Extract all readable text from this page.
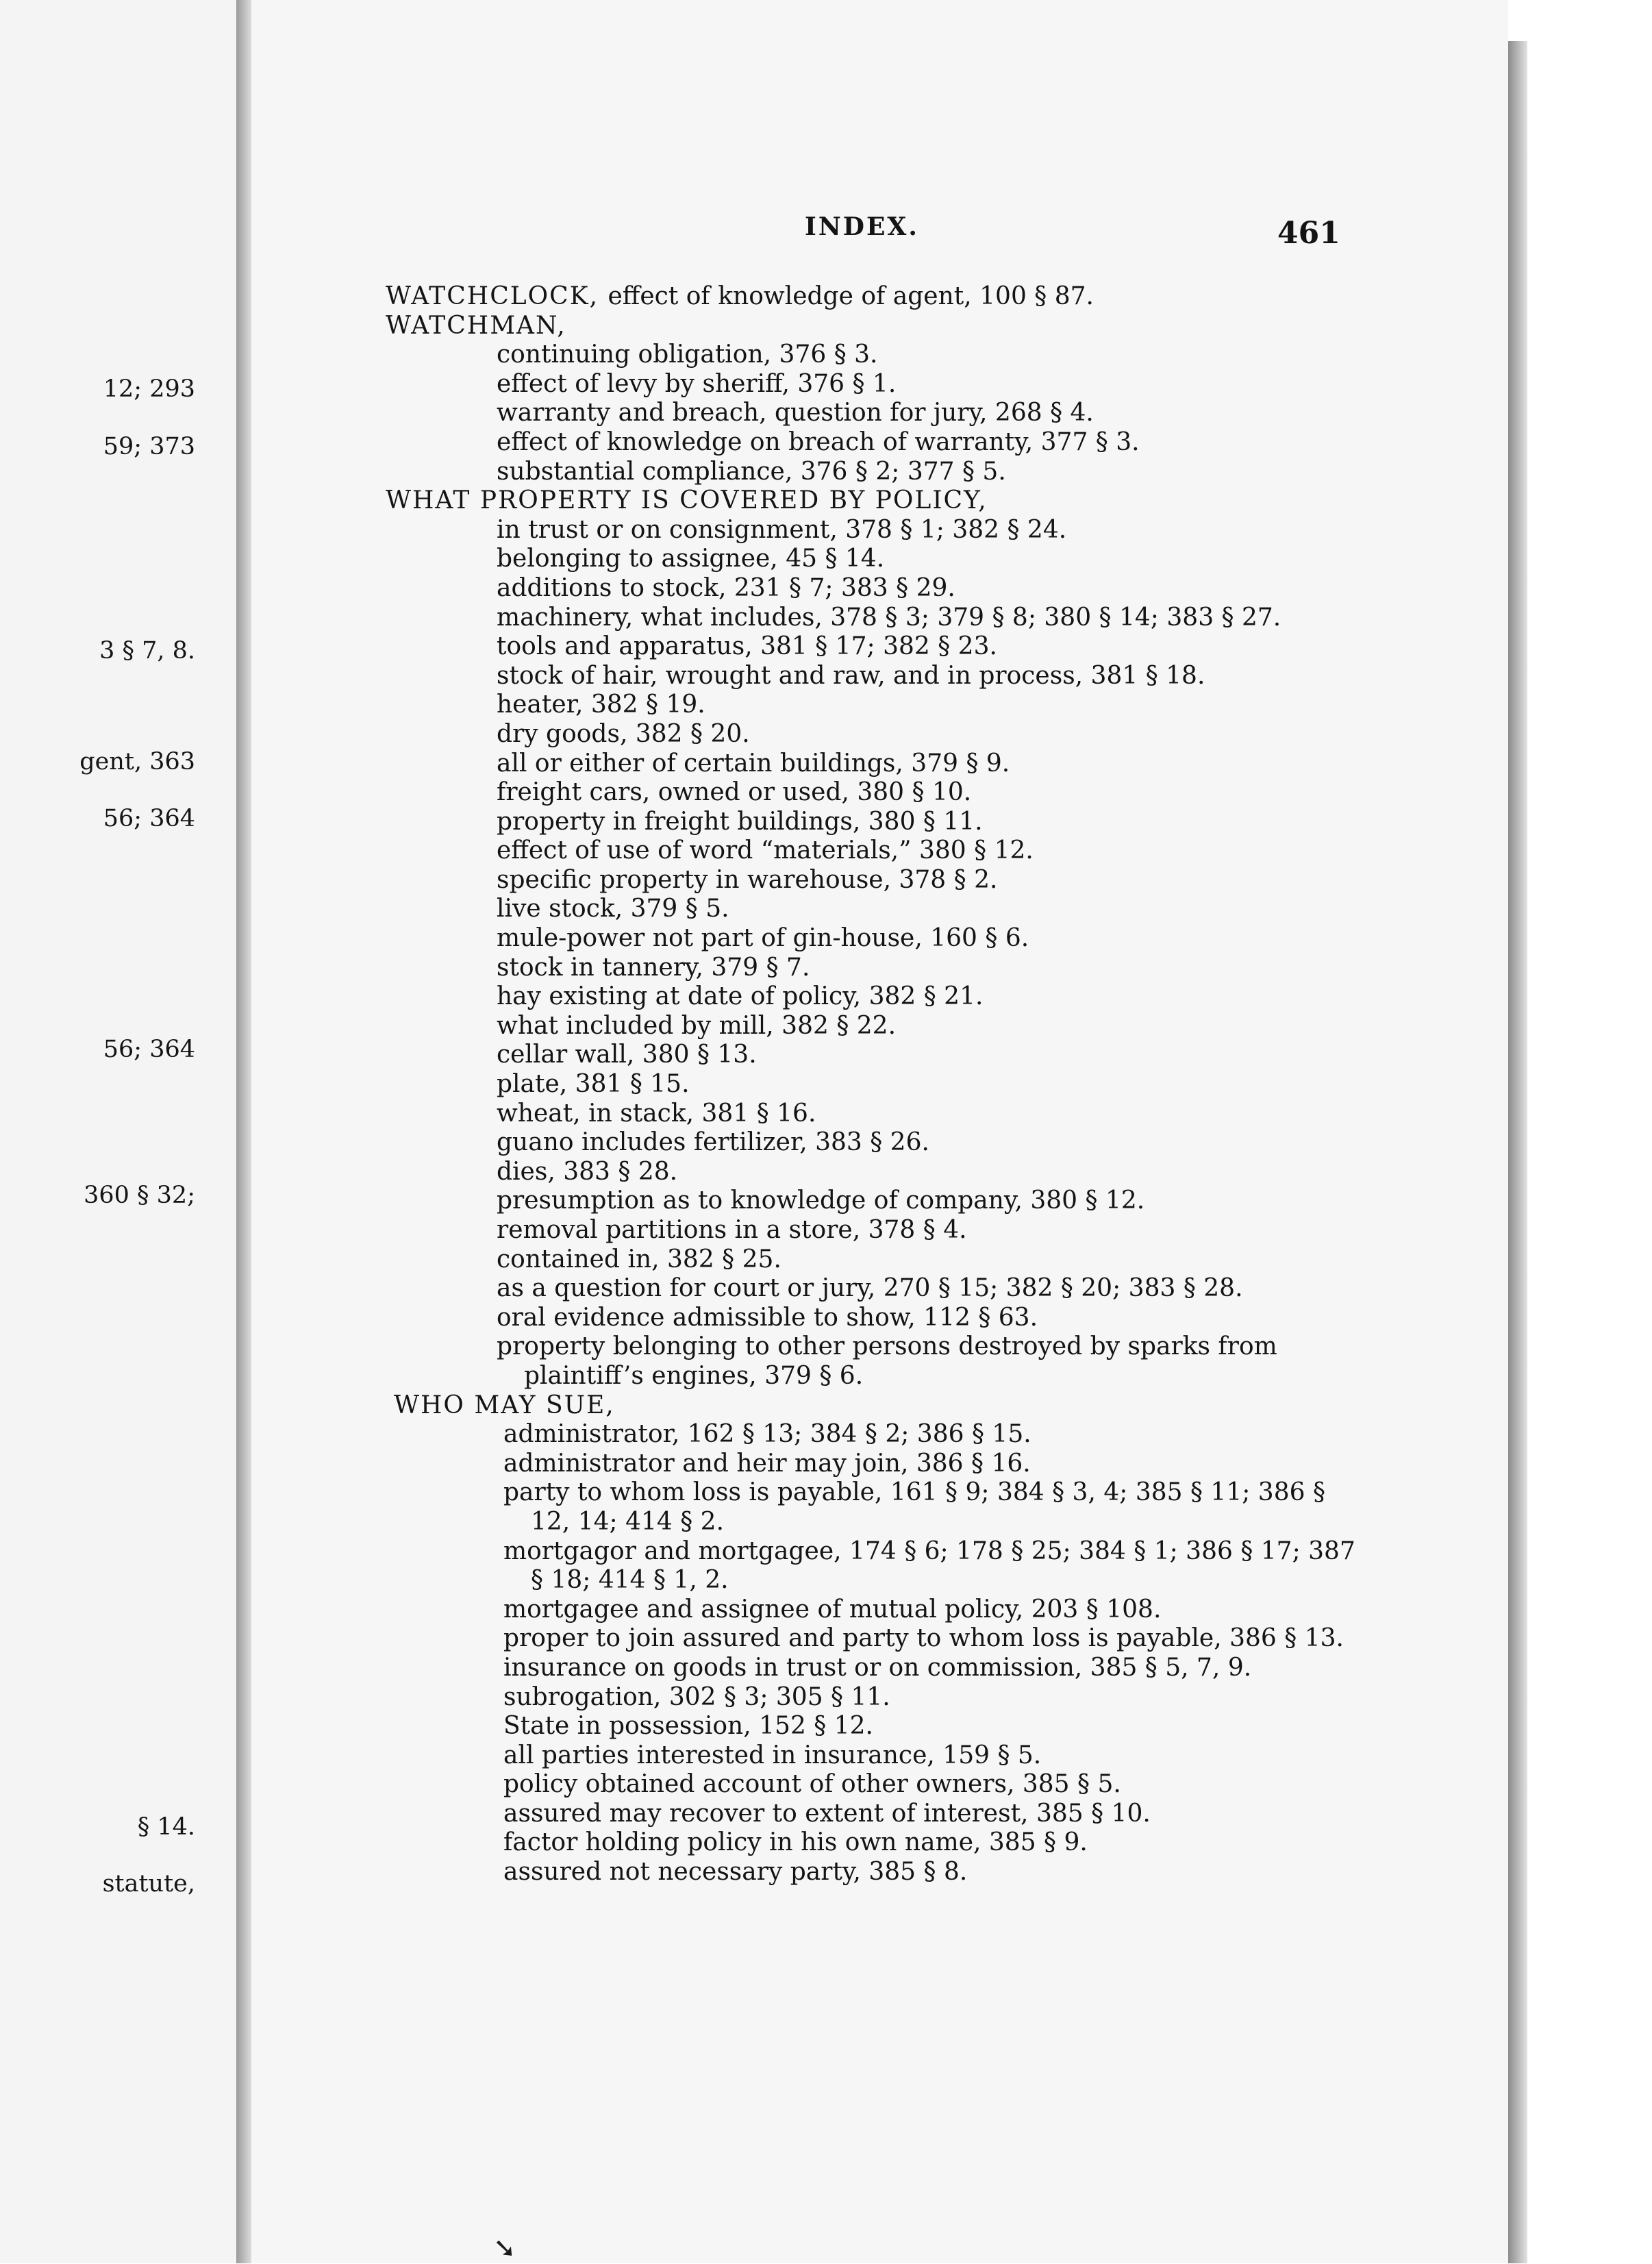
12; 293
59; 373
3 § 7, 8.
gent, 363
56; 364
56; 364
360 § 32;
§ 14.
statute,
INDEX.	461
WATCHCLOCK, effect of knowledge of agent, 100 § 87.
WATCHMAN,
continuing obligation, 376 § 3.
effect of levy by sheriff, 376 § 1.
warranty and breach, question for jury, 268 § 4.
effect of knowledge on breach of warranty, 377 § 3.
substantial compliance, 376 § 2; 377 § 5.
WHAT PROPERTY IS COVERED BY POLICY,
in trust or on consignment, 378 § 1; 382 § 24.
belonging to assignee, 45 § 14.
additions to stock, 231 § 7; 383 § 29.
machinery, what includes, 378 § 3; 379 § 8; 380 § 14; 383 § 27.
tools and apparatus, 381 § 17; 382 § 23.
stock of hair, wrought and raw, and in process, 381 § 18.
heater, 382 § 19.
dry goods, 382 § 20.
all or either of certain buildings, 379 § 9.
freight cars, owned or used, 380 § 10.
property in freight buildings, 380 § 11.
effect of use of word “materials,” 380 § 12.
specific property in warehouse, 378 § 2.
live stock, 379 § 5.
mule-power not part of gin-house, 160 § 6.
stock in tannery, 379 § 7.
hay existing at date of policy, 382 § 21.
what included by mill, 382 § 22.
cellar wall, 380 § 13.
plate, 381 § 15.
wheat, in stack, 381 § 16.
guano includes fertilizer, 383 § 26.
dies, 383 § 28.
presumption as to knowledge of company, 380 § 12.
removal partitions in a store, 378 § 4.
contained in, 382 § 25.
as a question for court or jury, 270 § 15; 382 § 20; 383 § 28.
oral evidence admissible to show, 112 § 63.
property belonging to other persons destroyed by sparks from plaintiff’s engines, 379 § 6.
WHO MAY SUE,
administrator, 162 § 13; 384 § 2; 386 § 15.
administrator and heir may join, 386 § 16.
party to whom loss is payable, 161 § 9; 384 § 3, 4; 385 § 11; 386 § 12, 14; 414 § 2.
mortgagor and mortgagee, 174 § 6; 178 § 25; 384 § 1; 386 § 17; 387 § 18; 414 § 1, 2.
mortgagee and assignee of mutual policy, 203 § 108.
proper to join assured and party to whom loss is payable, 386 § 13.
insurance on goods in trust or on commission, 385 § 5, 7, 9.
subrogation, 302 § 3; 305 § 11.
State in possession, 152 § 12.
all parties interested in insurance, 159 § 5.
policy obtained account of other owners, 385 § 5.
assured may recover to extent of interest, 385 § 10.
factor holding policy in his own name, 385 § 9.
assured not necessary party, 385 § 8.
➘
